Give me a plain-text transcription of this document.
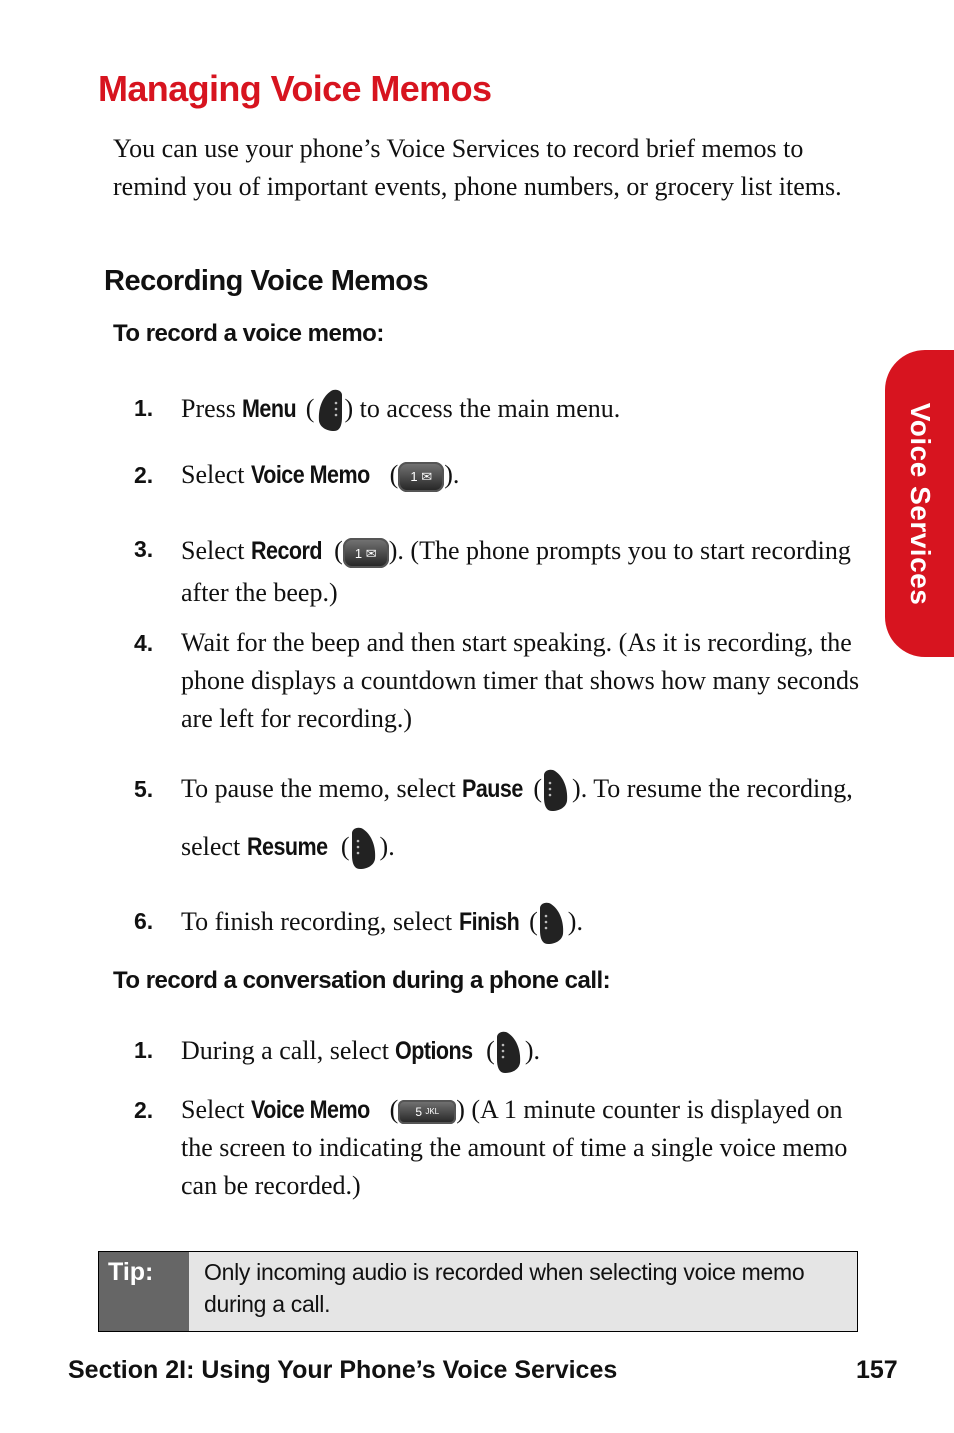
Managing Voice Memos
You can use your phone’s Voice Services to record brief memos to remind you of important events, phone numbers, or grocery list items.
Recording Voice Memos
To record a voice memo:
1. Press Menu ( ) to access the main menu.
2. Select Voice Memo ( 1 ✉ ).
3. Select Record ( 1 ✉ ). (The phone prompts you to start recording after the beep.)
4. Wait for the beep and then start speaking. (As it is recording, the phone displays a countdown timer that shows how many seconds are left for recording.)
5. To pause the memo, select Pause ( ). To resume the recording, select Resume ( ).
6. To finish recording, select Finish ( ).
To record a conversation during a phone call:
1. During a call, select Options ( ).
2. Select Voice Memo ( 5
JKL ) (A 1 minute counter is displayed on the screen to indicating the amount of time a single voice memo can be recorded.)
Voice Services
Tip:	Only incoming audio is recorded when selecting voice memo during a call.
Section 2I: Using Your Phone’s Voice Services	157
